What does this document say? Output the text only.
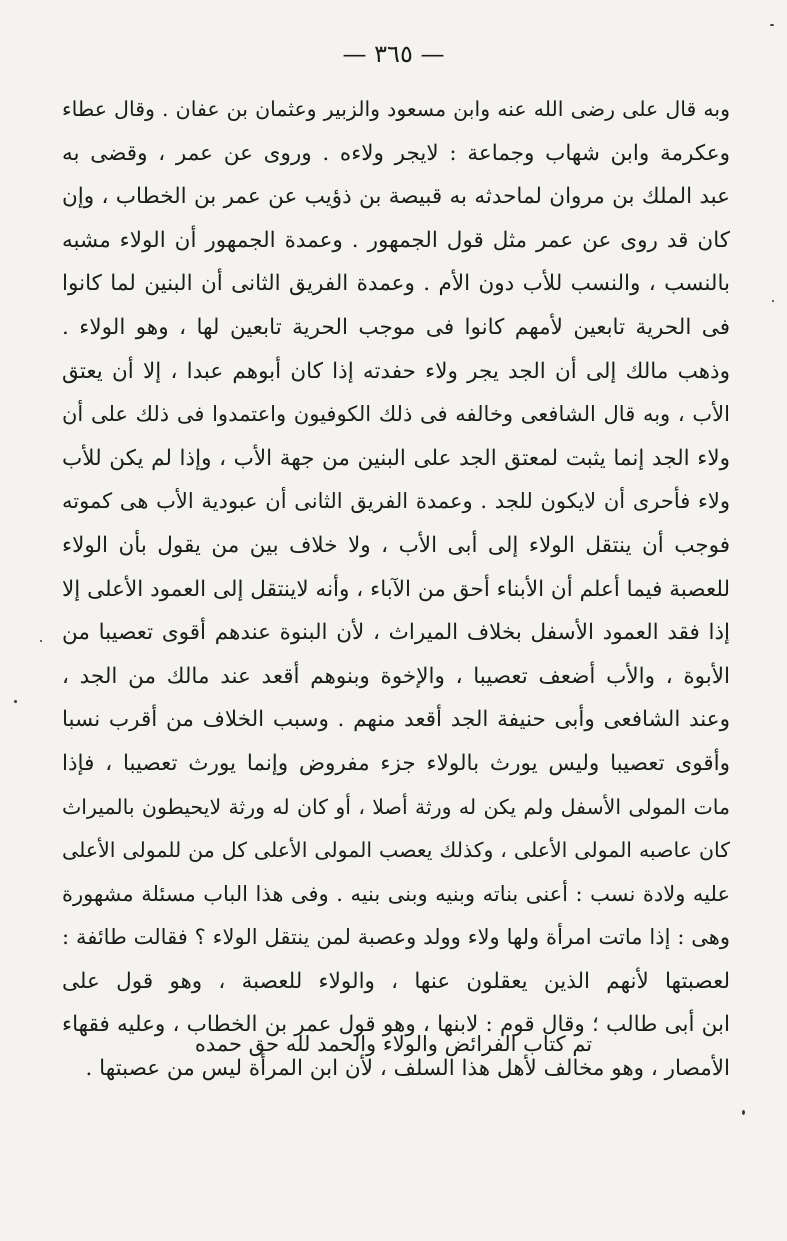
— ٣٦٥ —
وبه قال على رضى الله عنه وابن مسعود والزبير وعثمان بن عفان . وقال عطاء
وعكرمة وابن شهاب وجماعة : لايجر ولاءه . وروى عن عمر ، وقضى به
عبد الملك بن مروان لماحدثه به قبيصة بن ذؤيب عن عمر بن الخطاب ، وإن
كان قد روى عن عمر مثل قول الجمهور . وعمدة الجمهور أن الولاء مشبه
بالنسب ، والنسب للأب دون الأم . وعمدة الفريق الثانى أن البنين لما كانوا
فى الحرية تابعين لأمهم كانوا فى موجب الحرية تابعين لها ، وهو الولاء .
وذهب مالك إلى أن الجد يجر ولاء حفدته إذا كان أبوهم عبدا ، إلا أن يعتق
الأب ، وبه قال الشافعى وخالفه فى ذلك الكوفيون واعتمدوا فى ذلك على أن
ولاء الجد إنما يثبت لمعتق الجد على البنين من جهة الأب ، وإذا لم يكن للأب
ولاء فأحرى أن لايكون للجد . وعمدة الفريق الثانى أن عبودية الأب هى كموته
فوجب أن ينتقل الولاء إلى أبى الأب ، ولا خلاف بين من يقول بأن الولاء
للعصبة فيما أعلم أن الأبناء أحق من الآباء ، وأنه لاينتقل إلى العمود الأعلى إلا
إذا فقد العمود الأسفل بخلاف الميراث ، لأن البنوة عندهم أقوى تعصيبا من
الأبوة ، والأب أضعف تعصيبا ، والإخوة وبنوهم أقعد عند مالك من الجد ،
وعند الشافعى وأبى حنيفة الجد أقعد منهم . وسبب الخلاف من أقرب نسبا
وأقوى تعصيبا وليس يورث بالولاء جزء مفروض وإنما يورث تعصيبا ، فإذا
مات المولى الأسفل ولم يكن له ورثة أصلا ، أو كان له ورثة لايحيطون بالميراث
كان عاصبه المولى الأعلى ، وكذلك يعصب المولى الأعلى كل من للمولى الأعلى
عليه ولادة نسب : أعنى بناته وبنيه وبنى بنيه . وفى هذا الباب مسئلة مشهورة
وهى : إذا ماتت امرأة ولها ولاء وولد وعصبة لمن ينتقل الولاء ؟ فقالت طائفة :
لعصبتها لأنهم الذين يعقلون عنها ، والولاء للعصبة ، وهو قول على
ابن أبى طالب ؛ وقال قوم : لابنها ، وهو قول عمر بن الخطاب ، وعليه فقهاء
الأمصار ، وهو مخالف لأهل هذا السلف ، لأن ابن المرأة ليس من عصبتها .
تم كتاب الفرائض والولاء والحمد لله حق حمده
